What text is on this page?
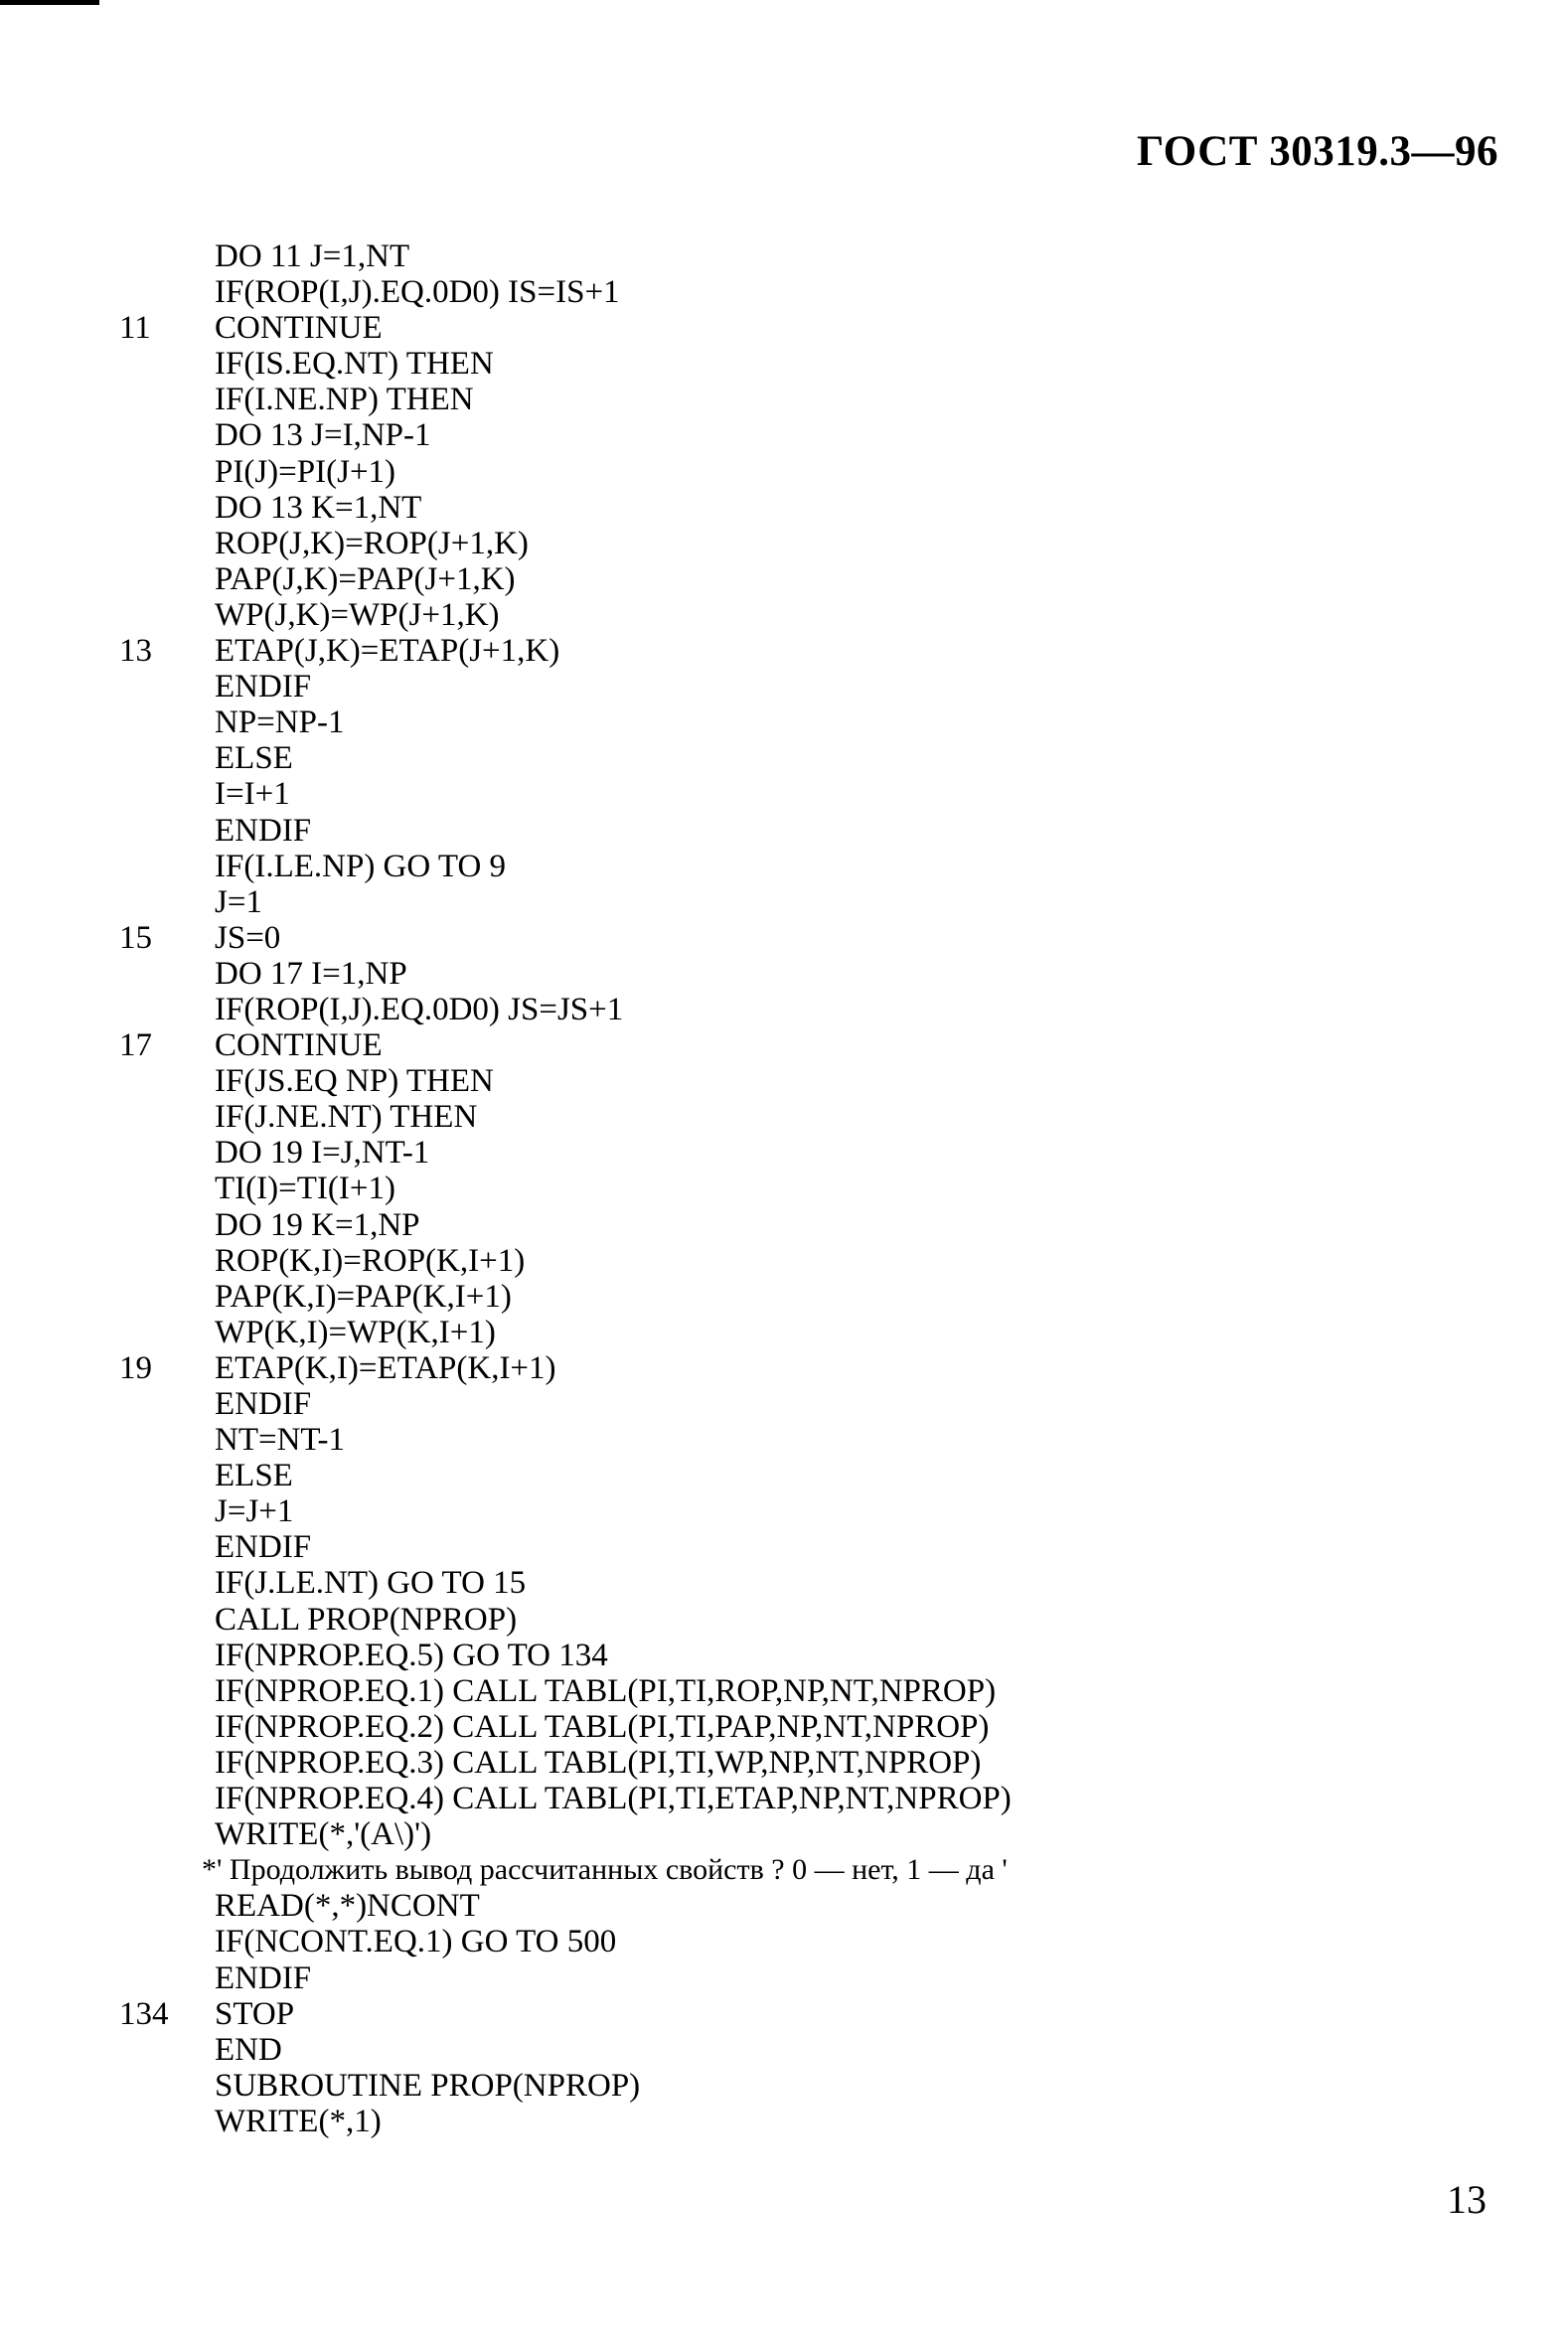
ГОСТ 30319.3—96
DO 11 J=1,NT
IF(ROP(I,J).EQ.0D0) IS=IS+1
11 CONTINUE
IF(IS.EQ.NT) THEN
IF(I.NE.NP) THEN
DO 13 J=I,NP-1
PI(J)=PI(J+1)
DO 13 K=1,NT
ROP(J,K)=ROP(J+1,K)
PAP(J,K)=PAP(J+1,K)
WP(J,K)=WP(J+1,K)
13 ETAP(J,K)=ETAP(J+1,K)
ENDIF
NP=NP-1
ELSE
I=I+1
ENDIF
IF(I.LE.NP) GO TO 9
J=1
15 JS=0
DO 17 I=1,NP
IF(ROP(I,J).EQ.0D0) JS=JS+1
17 CONTINUE
IF(JS.EQ NP) THEN
IF(J.NE.NT) THEN
DO 19 I=J,NT-1
TI(I)=TI(I+1)
DO 19 K=1,NP
ROP(K,I)=ROP(K,I+1)
PAP(K,I)=PAP(K,I+1)
WP(K,I)=WP(K,I+1)
19 ETAP(K,I)=ETAP(K,I+1)
ENDIF
NT=NT-1
ELSE
J=J+1
ENDIF
IF(J.LE.NT) GO TO 15
CALL PROP(NPROP)
IF(NPROP.EQ.5) GO TO 134
IF(NPROP.EQ.1) CALL TABL(PI,TI,ROP,NP,NT,NPROP)
IF(NPROP.EQ.2) CALL TABL(PI,TI,PAP,NP,NT,NPROP)
IF(NPROP.EQ.3) CALL TABL(PI,TI,WP,NP,NT,NPROP)
IF(NPROP.EQ.4) CALL TABL(PI,TI,ETAP,NP,NT,NPROP)
WRITE(*,'(A\)')
*' Продолжить вывод рассчитанных свойств ? 0 — нет, 1 — да '
READ(*,*)NCONT
IF(NCONT.EQ.1) GO TO 500
ENDIF
134 STOP
END
SUBROUTINE PROP(NPROP)
WRITE(*,1)
13
